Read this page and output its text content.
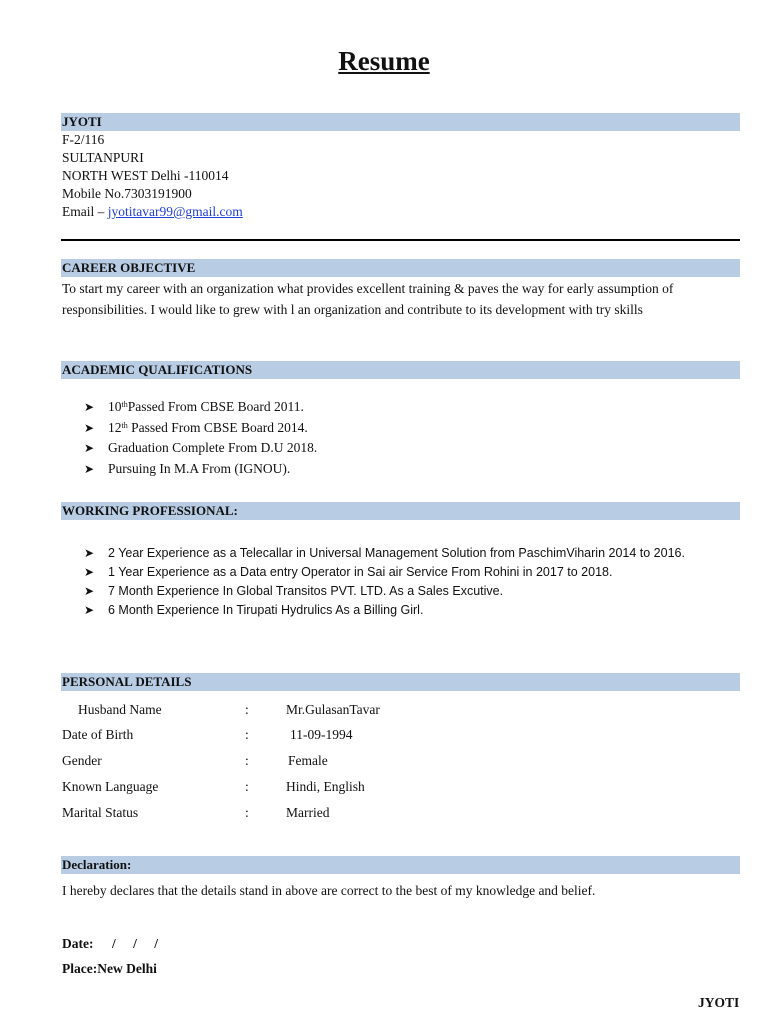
Resume
JYOTI
F-2/116
SULTANPURI
NORTH WEST Delhi -110014
Mobile No.7303191900
Email – jyotitavar99@gmail.com
CAREER OBJECTIVE
To start my career with an organization what provides excellent training & paves the way for early assumption of responsibilities. I would like to grew with l an organization and contribute to its development with try skills
ACADEMIC QUALIFICATIONS
➤ 10thPassed From CBSE Board 2011.
➤ 12th Passed From CBSE Board 2014.
➤ Graduation Complete From D.U 2018.
➤ Pursuing In M.A From (IGNOU).
WORKING PROFESSIONAL:
➤ 2 Year Experience as a Telecallar in Universal Management Solution from PaschimViharin 2014 to 2016.
➤ 1 Year Experience as a Data entry Operator in Sai air Service From Rohini in 2017 to 2018.
➤ 7 Month Experience In Global Transitos PVT. LTD. As a Sales Excutive.
➤ 6 Month Experience In Tirupati Hydrulics As a Billing Girl.
PERSONAL DETAILS
Husband Name	:	Mr.GulasanTavar
Date of Birth	:	11-09-1994
Gender	:	Female
Known Language	:	Hindi, English
Marital Status	:	Married
Declaration:
I hereby declares that the details stand in above are correct to the best of my knowledge and belief.
Date: / / /
Place:New Delhi
JYOTI
